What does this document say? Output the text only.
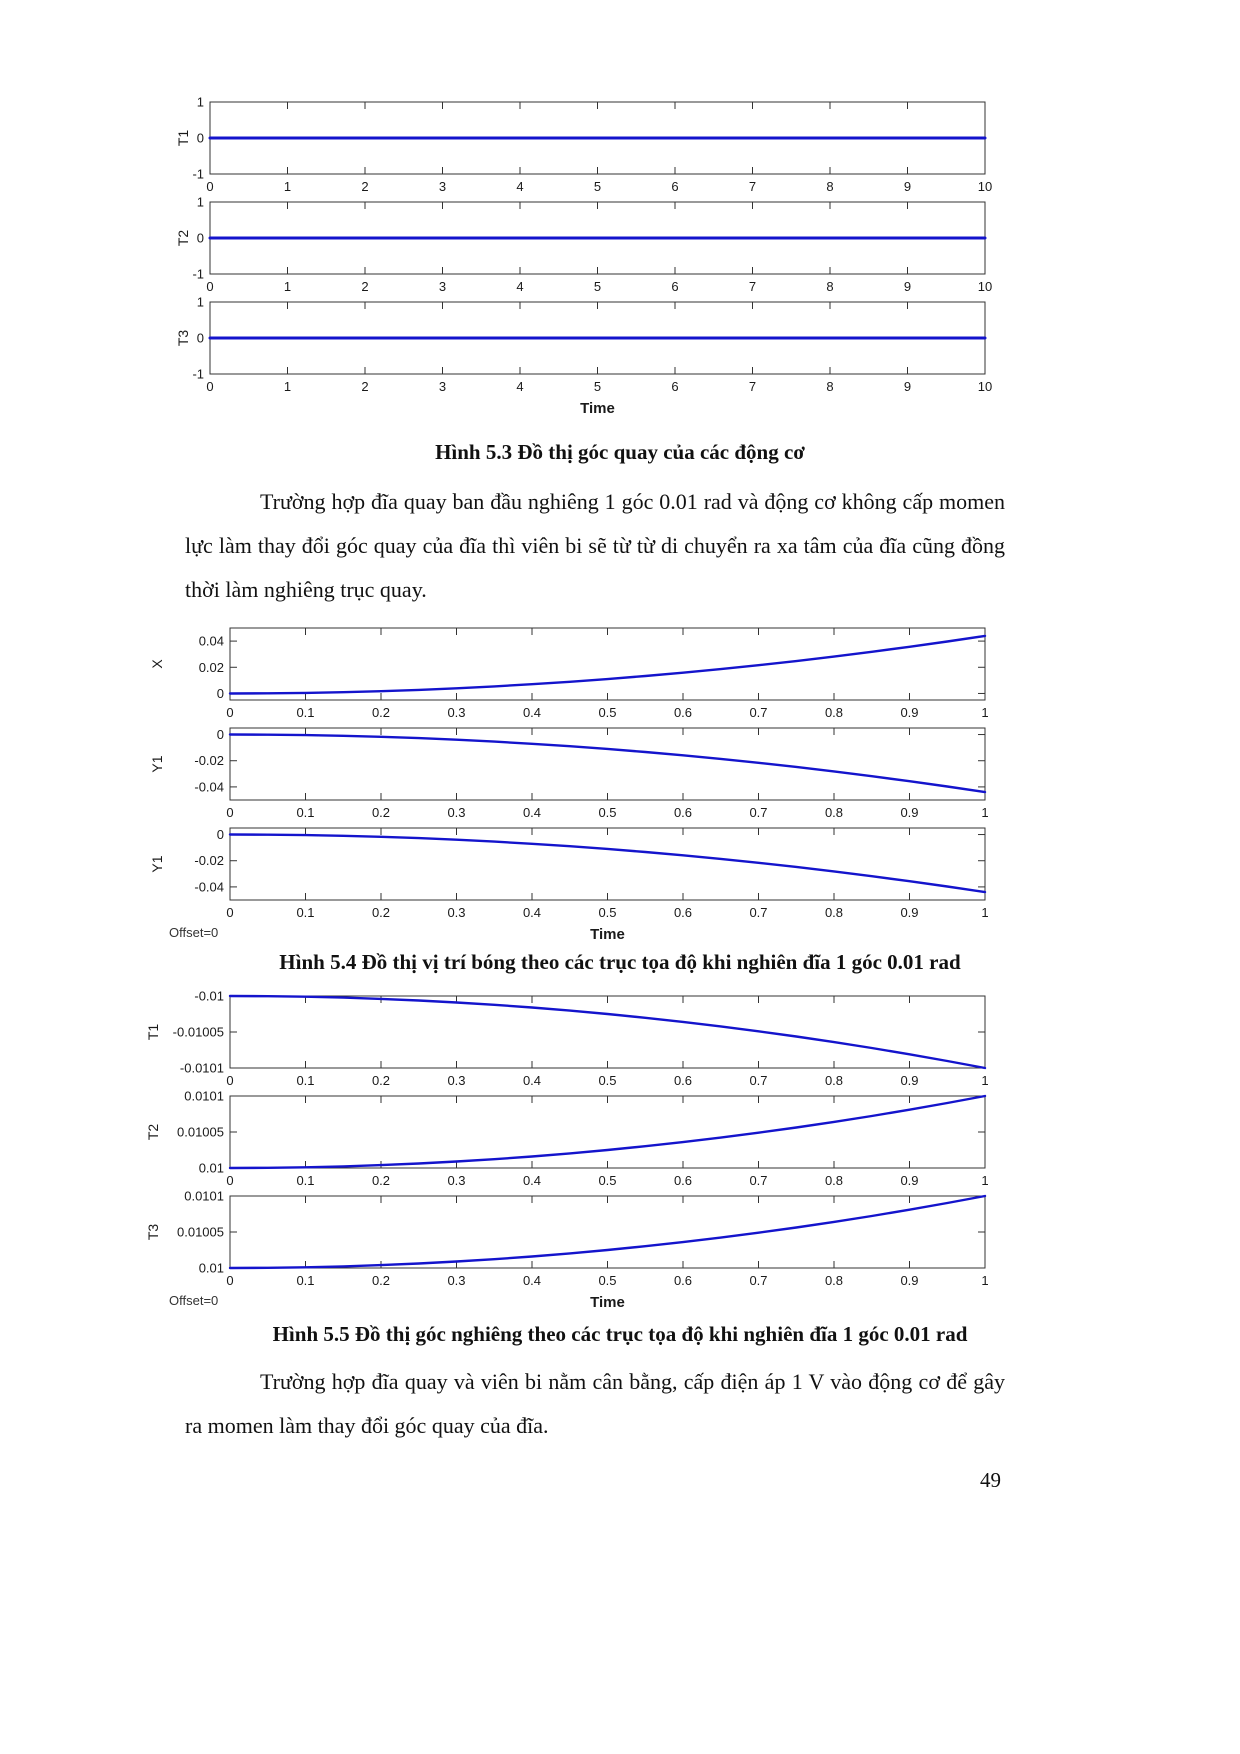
0	1	2	3	4	5	6	7	8	9	10
1
0
-1
T1
0	1	2	3	4	5	6	7	8	9	10
1
0
-1
T2
0	1	2	3	4	5	6	7	8	9	10
1
0
-1
T3
Time
Hình 5.3 Đồ thị góc quay của các động cơ

Trường hợp đĩa quay ban đầu nghiêng 1 góc 0.01 rad và động cơ không cấp momen lực làm thay đổi góc quay của đĩa thì viên bi sẽ từ từ di chuyển ra xa tâm của đĩa cũng đồng thời làm nghiêng trục quay.

0	0.1	0.2	0.3	0.4	0.5	0.6	0.7	0.8	0.9	1
0.04
0.02
0
X
0	0.1	0.2	0.3	0.4	0.5	0.6	0.7	0.8	0.9	1
0
-0.02
-0.04
Y1
0	0.1	0.2	0.3	0.4	0.5	0.6	0.7	0.8	0.9	1
0
-0.02
-0.04
Y1
Offset=0	Time
Hình 5.4 Đồ thị vị trí bóng theo các trục tọa độ khi nghiên đĩa 1 góc 0.01 rad
0	0.1	0.2	0.3	0.4	0.5	0.6	0.7	0.8	0.9	1
-0.01
-0.01005
-0.0101
T1
0	0.1	0.2	0.3	0.4	0.5	0.6	0.7	0.8	0.9	1
0.0101
0.01005
0.01
T2
0	0.1	0.2	0.3	0.4	0.5	0.6	0.7	0.8	0.9	1
0.0101
0.01005
0.01
T3
Offset=0	Time
Hình 5.5 Đồ thị góc nghiêng theo các trục tọa độ khi nghiên đĩa 1 góc 0.01 rad

Trường hợp đĩa quay và viên bi nằm cân bằng, cấp điện áp 1 V vào động cơ để gây ra momen làm thay đổi góc quay của đĩa.

49
